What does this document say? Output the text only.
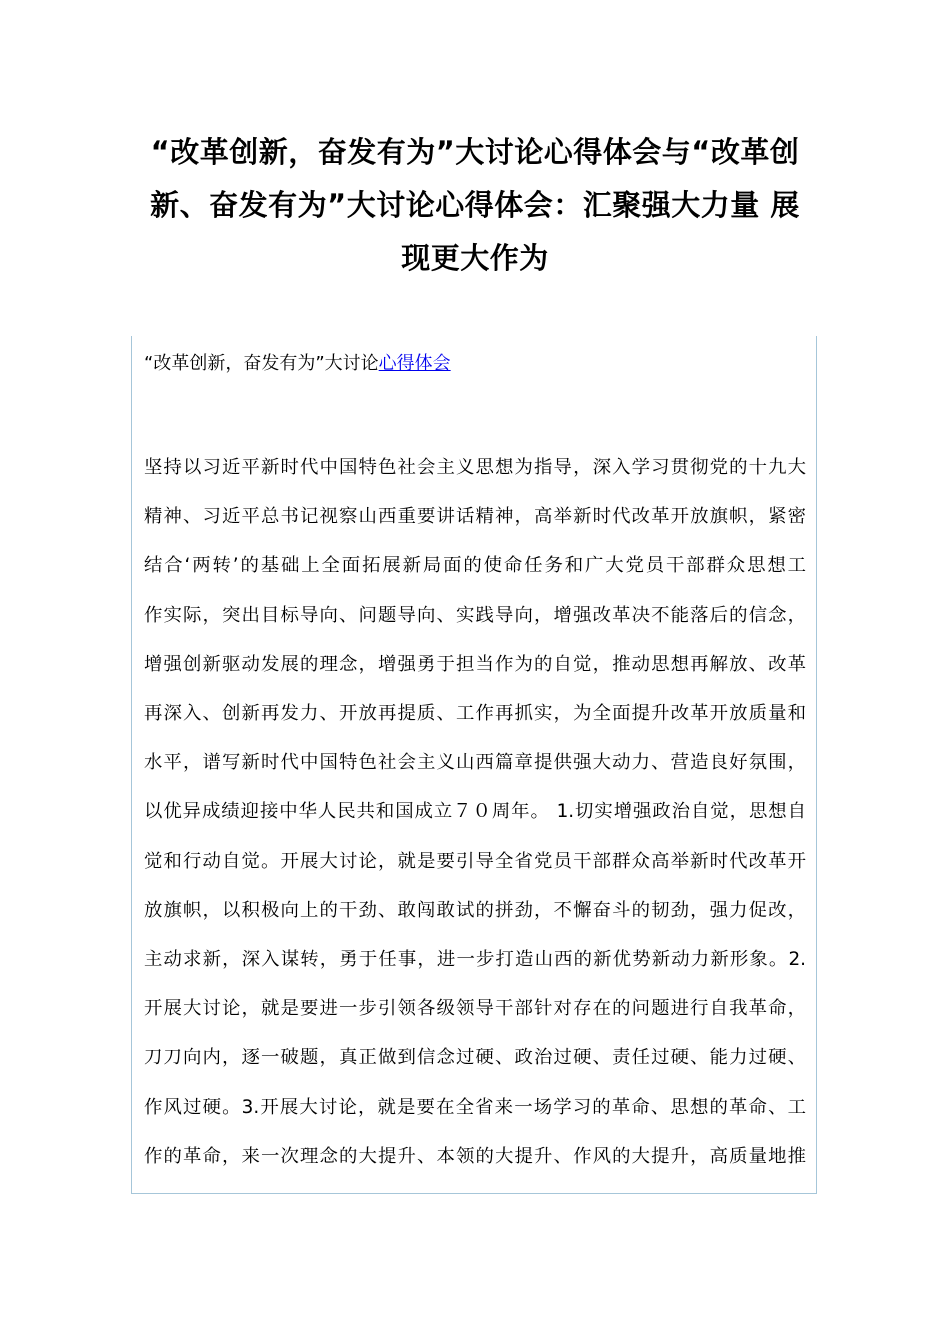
“改革创新，奋发有为”大讨论心得体会与“改革创
新、奋发有为”大讨论心得体会：汇聚强大力量 展
现更大作为

“改革创新，奋发有为”大讨论心得体会

坚持以习近平新时代中国特色社会主义思想为指导，深入学习贯彻党的十九大
精神、习近平总书记视察山西重要讲话精神，高举新时代改革开放旗帜，紧密
结合‘两转’的基础上全面拓展新局面的使命任务和广大党员干部群众思想工
作实际，突出目标导向、问题导向、实践导向，增强改革决不能落后的信念，
增强创新驱动发展的理念，增强勇于担当作为的自觉，推动思想再解放、改革
再深入、创新再发力、开放再提质、工作再抓实，为全面提升改革开放质量和
水平，谱写新时代中国特色社会主义山西篇章提供强大动力、营造良好氛围，
以优异成绩迎接中华人民共和国成立７０周年。 1.切实增强政治自觉，思想自
觉和行动自觉。开展大讨论，就是要引导全省党员干部群众高举新时代改革开
放旗帜，以积极向上的干劲、敢闯敢试的拼劲，不懈奋斗的韧劲，强力促改，
主动求新，深入谋转，勇于任事，进一步打造山西的新优势新动力新形象。2.
开展大讨论，就是要进一步引领各级领导干部针对存在的问题进行自我革命，
刀刀向内，逐一破题，真正做到信念过硬、政治过硬、责任过硬、能力过硬、
作风过硬。3.开展大讨论，就是要在全省来一场学习的革命、思想的革命、工
作的革命，来一次理念的大提升、本领的大提升、作风的大提升，高质量地推
